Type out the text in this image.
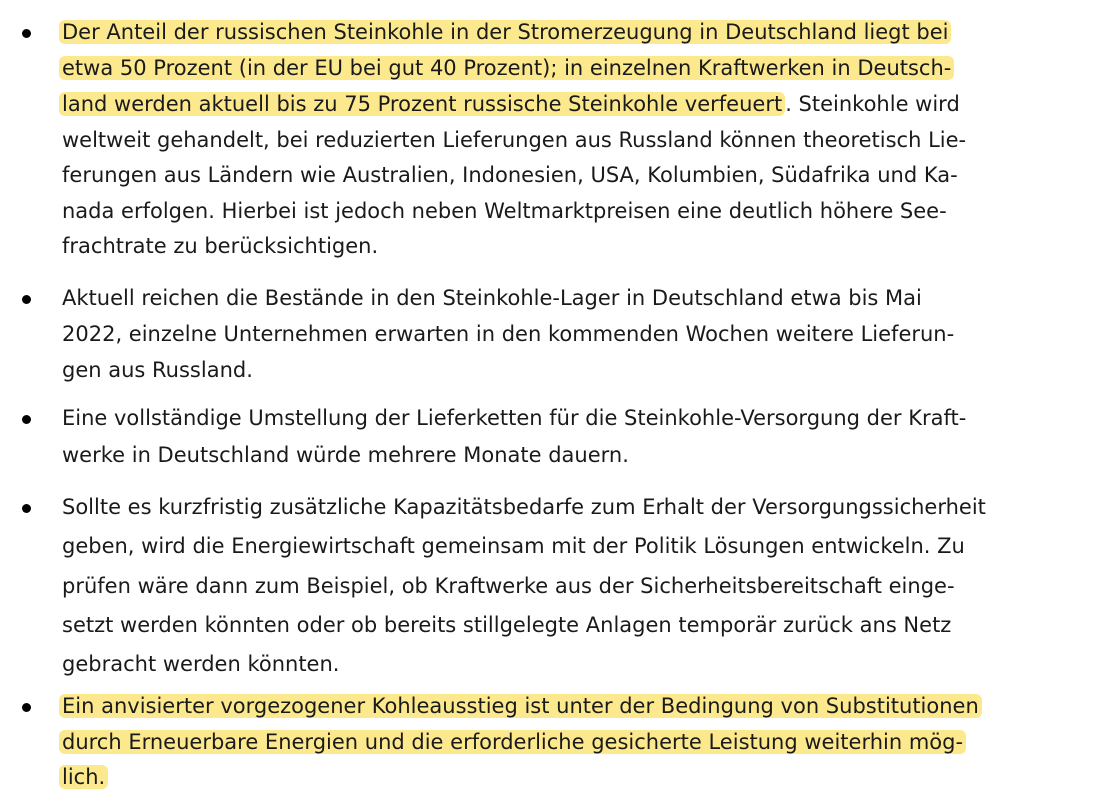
Der Anteil der russischen Steinkohle in der Stromerzeugung in Deutschland liegt bei
etwa 50 Prozent (in der EU bei gut 40 Prozent); in einzelnen Kraftwerken in Deutsch-
land werden aktuell bis zu 75 Prozent russische Steinkohle verfeuert . Steinkohle wird
weltweit gehandelt, bei reduzierten Lieferungen aus Russland können theoretisch Lie-
ferungen aus Ländern wie Australien, Indonesien, USA, Kolumbien, Südafrika und Ka-
nada erfolgen. Hierbei ist jedoch neben Weltmarktpreisen eine deutlich höhere See-
frachtrate zu berücksichtigen.
Aktuell reichen die Bestände in den Steinkohle-Lager in Deutschland etwa bis Mai
2022, einzelne Unternehmen erwarten in den kommenden Wochen weitere Lieferun-
gen aus Russland.
Eine vollständige Umstellung der Lieferketten für die Steinkohle-Versorgung der Kraft-
werke in Deutschland würde mehrere Monate dauern.
Sollte es kurzfristig zusätzliche Kapazitätsbedarfe zum Erhalt der Versorgungssicherheit
geben, wird die Energiewirtschaft gemeinsam mit der Politik Lösungen entwickeln. Zu
prüfen wäre dann zum Beispiel, ob Kraftwerke aus der Sicherheitsbereitschaft einge-
setzt werden könnten oder ob bereits stillgelegte Anlagen temporär zurück ans Netz
gebracht werden könnten.
Ein anvisierter vorgezogener Kohleausstieg ist unter der Bedingung von Substitutionen
durch Erneuerbare Energien und die erforderliche gesicherte Leistung weiterhin mög-
lich.
